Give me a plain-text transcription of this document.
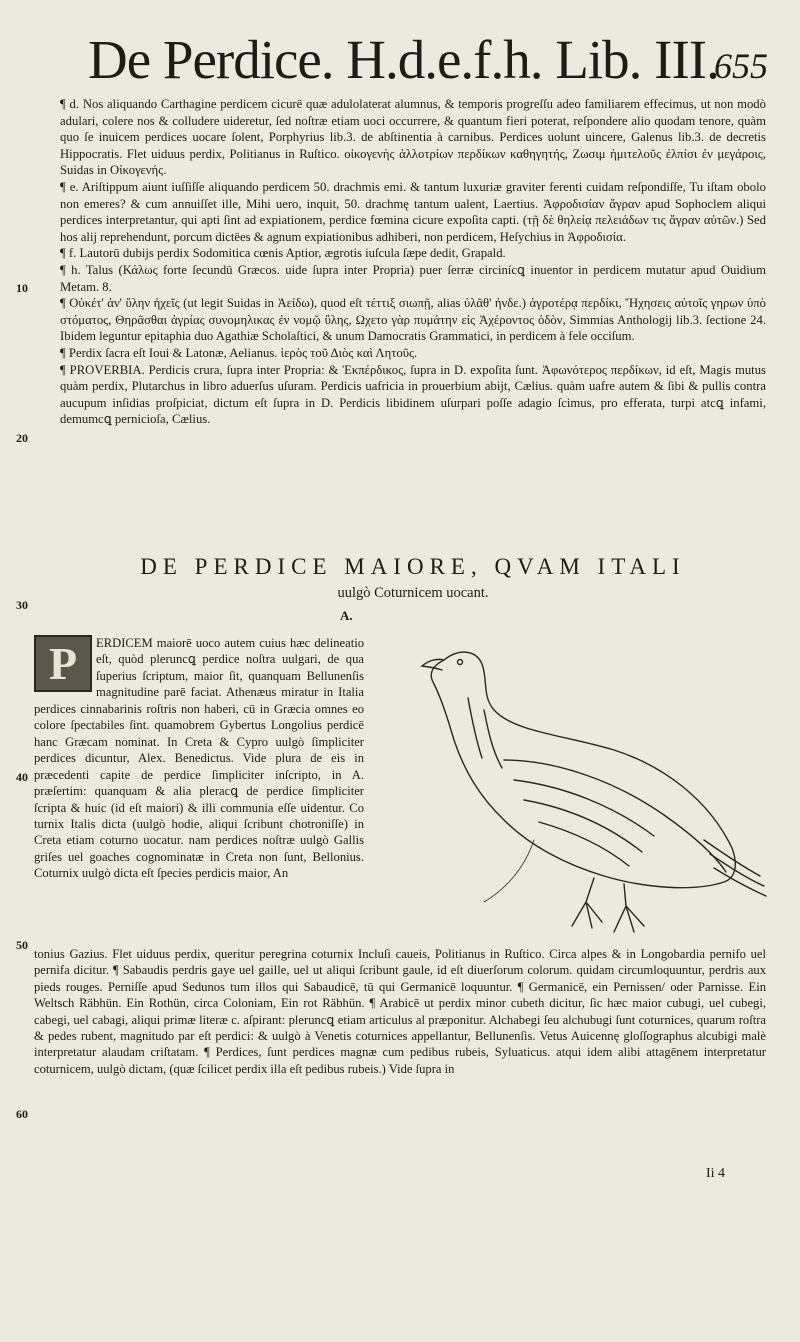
De Perdice. H.d.e.f.h. Lib. III.
655

¶ d. Nos aliquando Carthagine perdicem cicurē quæ adulolaterat alumnus, & temporis progreſſu adeo familiarem effecimus, ut non modò adulari, colere nos & colludere uideretur, ſed noſtræ etiam uoci occurrere, & quantum fieri poterat, reſpondere alio quodam tenore, quàm quo ſe inuicem perdices uocare ſolent, Porphyrius lib.3. de abſtinentia à carnibus. Perdices uolunt uincere, Galenus lib.3. de decretis Hippocratis. Flet uiduus perdix, Politianus in Ruſtico. οἰκογενὴς ἀλλοτρίων περδίκων καθηγητής, Ζωσιμ ἡμιτελοῦς ἐλπίσι ἐν μεγάροις, Suidas in Οἰκογενής.

¶ e. Ariſtippum aiunt iuſſiſſe aliquando perdicem 50. drachmis emi. & tantum luxuriæ graviter ferenti cuidam reſpondiſſe, Tu iſtam obolo non emeres? & cum annuiſſet ille, Mihi uero, inquit, 50. drachmę tantum ualent, Laertius. Ἀφροδισίαν ἄγραν apud Sophoclem aliqui perdices interpretantur, qui apti ſint ad expiationem, perdice fœmina cicure expoſita capti. (τῇ δὲ θηλείᾳ πελειάδων τις ἄγραν αὐτῶν.) Sed hos alij reprehendunt, porcum dictëes & agnum expiationibus adhiberi, non perdicem, Heſychius in Ἀφροδισία.

¶ f. Lautorū dubijs perdix Sodomitica cœnis Aptior, ægrotis iuſcula ſæpe dedit, Grapald.

¶ h. Talus (Κάλως forte ſecundū Græcos. uide ſupra inter Propria) puer ſerræ circinícꝗ inuentor in perdicem mutatur apud Ouidium Metam. 8.

¶ Οὐκέτ' ἀν' ὕλην ἠχεῖς (ut legit Suidas in Ἀείδω), quod eſt τέττιξ σιωπῇ, alias ὑλᾶθ' ἠνδε.) ἀγροτέρᾳ περδίκι, Ἤχησεις αὐτοῖς γηρων ὑπὸ στόματος, Θηρᾶσθαι ἀγρίας συνομηλικας ἐν νομῷ ὕλης, Ωχετο γὰρ πυμάτην εἰς Ἀχέροντος ὁδὸν, Simmias Anthologij lib.3. ſectione 24. Ibidem leguntur epitaphia duo Agathiæ Scholaſtici, & unum Damocratis Grammatici, in perdicem à fele occiſum.

¶ Perdix ſacra eſt Ioui & Latonæ, Aelianus. ἱερὸς τοῦ Διὸς καὶ Λητοῦς.

¶ PROVERBIA. Perdicis crura, ſupra inter Propria: & Ἐκπέρδικος, ſupra in D. expoſita ſunt. Ἀφωνότερος περδίκων, id eſt, Magis mutus quàm perdix, Plutarchus in libro aduerſus uſuram. Perdicis uafricia in prouerbium abijt, Cælius. quàm uafre autem & ſibi & pullis contra aucupum inſidias proſpiciat, dictum eſt ſupra in D. Perdicis libidinem uſurpari poſſe adagio ſcimus, pro efferata, turpi atcꝗ infami, demumcꝗ pernicioſa, Cælius.

10
20
30
40
50
60
DE PERDICE MAIORE, QVAM ITALI
uulgò Coturnicem uocant.
A.
ERDICEM maiorē uoco autem cuius hæc delineatio eſt, quòd pleruncꝗ perdice noſtra uulgari, de qua ſuperius ſcriptum, maior ſit, quanquam Bellunenſis magnitudine parē faciat. Athenæus miratur in Italia perdices cinnabarinis roſtris non haberi, cū in Græcia omnes eo colore ſpectabiles ſint. quamobrem Gybertus Longolius perdicē hanc Græcam nominat. In Creta & Cypro uulgò ſimpliciter perdices dicuntur, Alex. Benedictus. Vide plura de eis in præcedenti capite de perdice ſimpliciter inſcripto, in A. præſertim: quanquam & alia pleracꝗ de perdice ſimpliciter ſcripta & huic (id eſt maiori) & illi communia eſſe uidentur. Co turnix Italis dicta (uulgò hodie, aliqui ſcribunt chotroniſſe) in Creta etiam coturno uocatur. nam perdices noſtræ uulgò Gallis griſes uel goaches cognominatæ in Creta non ſunt, Bellonius. Coturnix uulgò dicta eſt ſpecies perdicis maior, An
P
tonius Gazius. Flet uiduus perdix, queritur peregrina coturnix Incluſi caueis, Politianus in Ruſtico. Circa alpes & in Longobardia pernifo uel pernifa dicitur. ¶ Sabaudis perdris gaye uel gaille, uel ut aliqui ſcribunt gaule, id eſt diuerſorum colorum. quidam circumloquuntur, perdris aux pieds rouges. Perniſſe apud Sedunos tum illos qui Sabaudicē, tū qui Germanicē loquuntur. ¶ Germanicē, ein Pernissen/ oder Parnisse. Ein Weltsch Räbhün. Ein Rothün, circa Coloniam, Ein rot Räbhün. ¶ Arabicē ut perdix minor cubeth dicitur, ſic hæc maior cubugi, uel cubegi, cabegi, uel cabagi, aliqui primæ literæ c. aſpirant: pleruncꝗ etiam articulus al præponitur. Alchabegi ſeu alchubugi ſunt coturnices, quarum roſtra & pedes rubent, magnitudo par eſt perdici: & uulgò à Venetis coturnices appellantur, Bellunenſis. Vetus Auicennę gloſſographus alcubigi malè interpretatur alaudam criſtatam. ¶ Perdices, ſunt perdices magnæ cum pedibus rubeis, Syluaticus. atqui idem alibi attagēnem interpretatur coturnicem, uulgò dictam, (quæ ſcilicet perdix illa eſt pedibus rubeis.) Vide ſupra in
Ii 4
